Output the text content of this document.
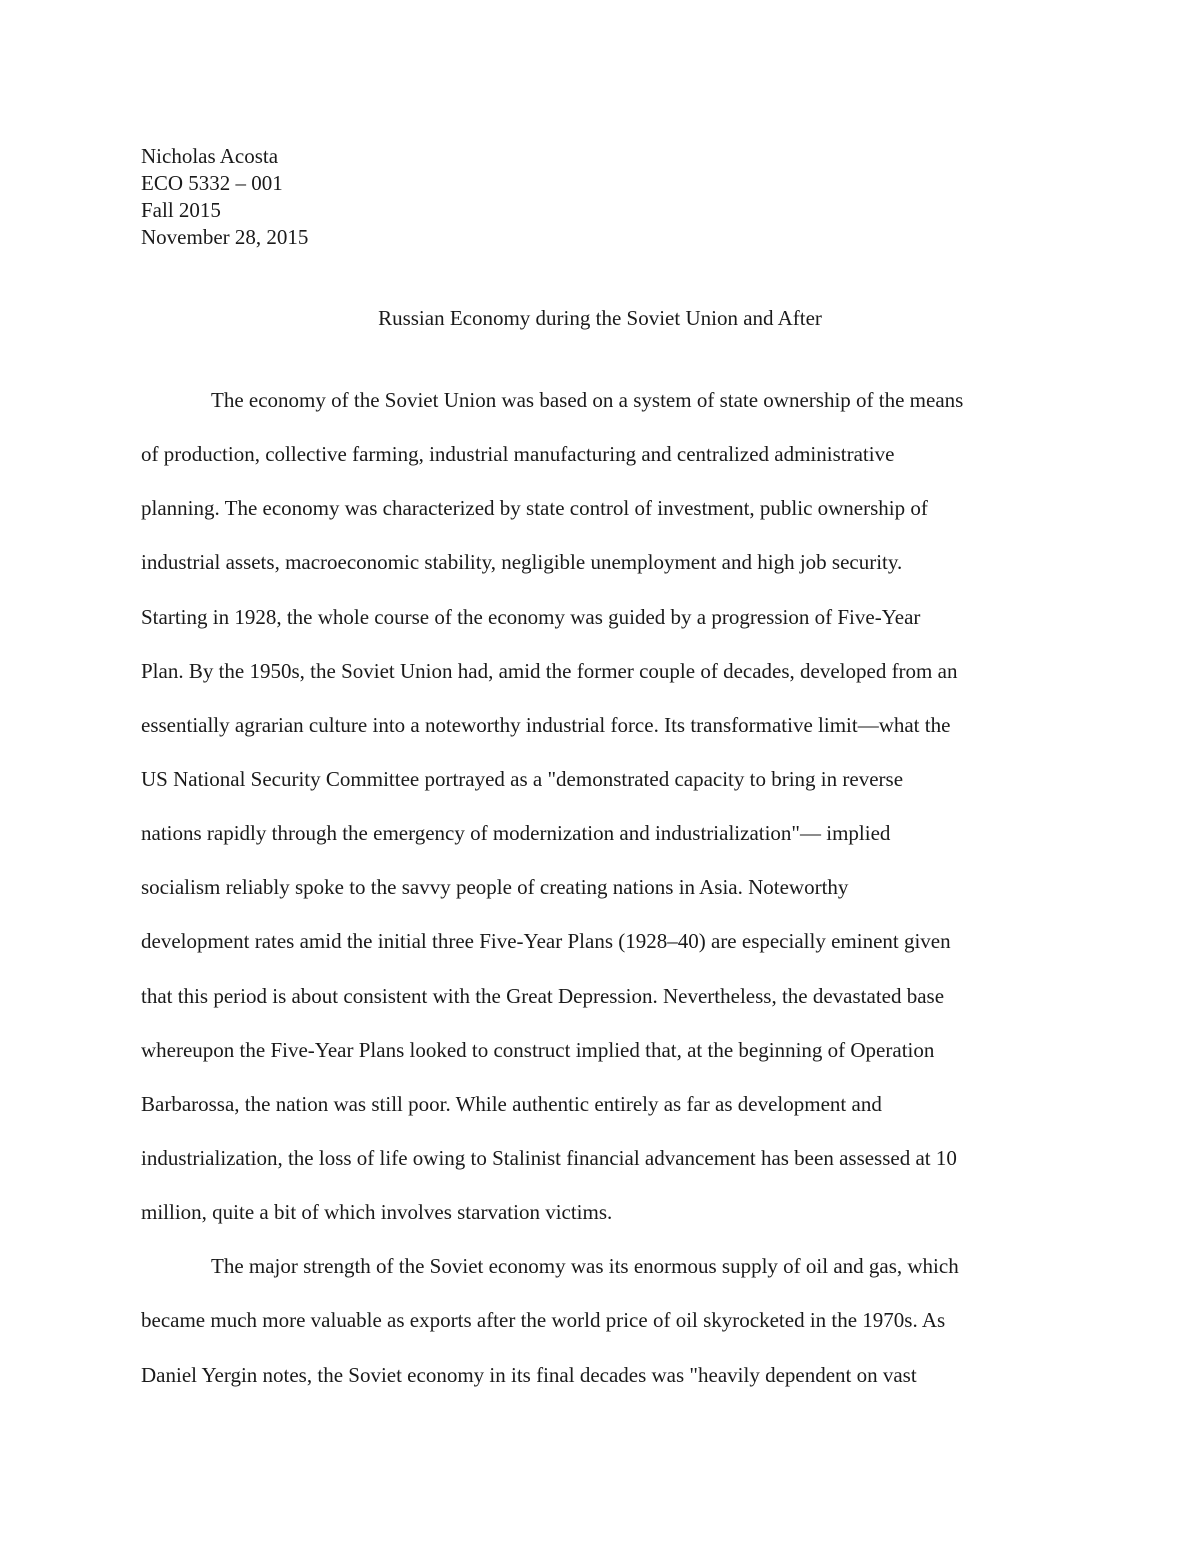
Nicholas Acosta
ECO 5332 – 001
Fall 2015
November 28, 2015
Russian Economy during the Soviet Union and After
The economy of the Soviet Union was based on a system of state ownership of the means
of production, collective farming, industrial manufacturing and centralized administrative
planning. The economy was characterized by state control of investment, public ownership of
industrial assets, macroeconomic stability, negligible unemployment and high job security.
Starting in 1928, the whole course of the economy was guided by a progression of Five-Year
Plan. By the 1950s, the Soviet Union had, amid the former couple of decades, developed from an
essentially agrarian culture into a noteworthy industrial force. Its transformative limit—what the
US National Security Committee portrayed as a "demonstrated capacity to bring in reverse
nations rapidly through the emergency of modernization and industrialization"— implied
socialism reliably spoke to the savvy people of creating nations in Asia. Noteworthy
development rates amid the initial three Five-Year Plans (1928–40) are especially eminent given
that this period is about consistent with the Great Depression. Nevertheless, the devastated base
whereupon the Five-Year Plans looked to construct implied that, at the beginning of Operation
Barbarossa, the nation was still poor. While authentic entirely as far as development and
industrialization, the loss of life owing to Stalinist financial advancement has been assessed at 10
million, quite a bit of which involves starvation victims.
The major strength of the Soviet economy was its enormous supply of oil and gas, which
became much more valuable as exports after the world price of oil skyrocketed in the 1970s. As
Daniel Yergin notes, the Soviet economy in its final decades was "heavily dependent on vast
